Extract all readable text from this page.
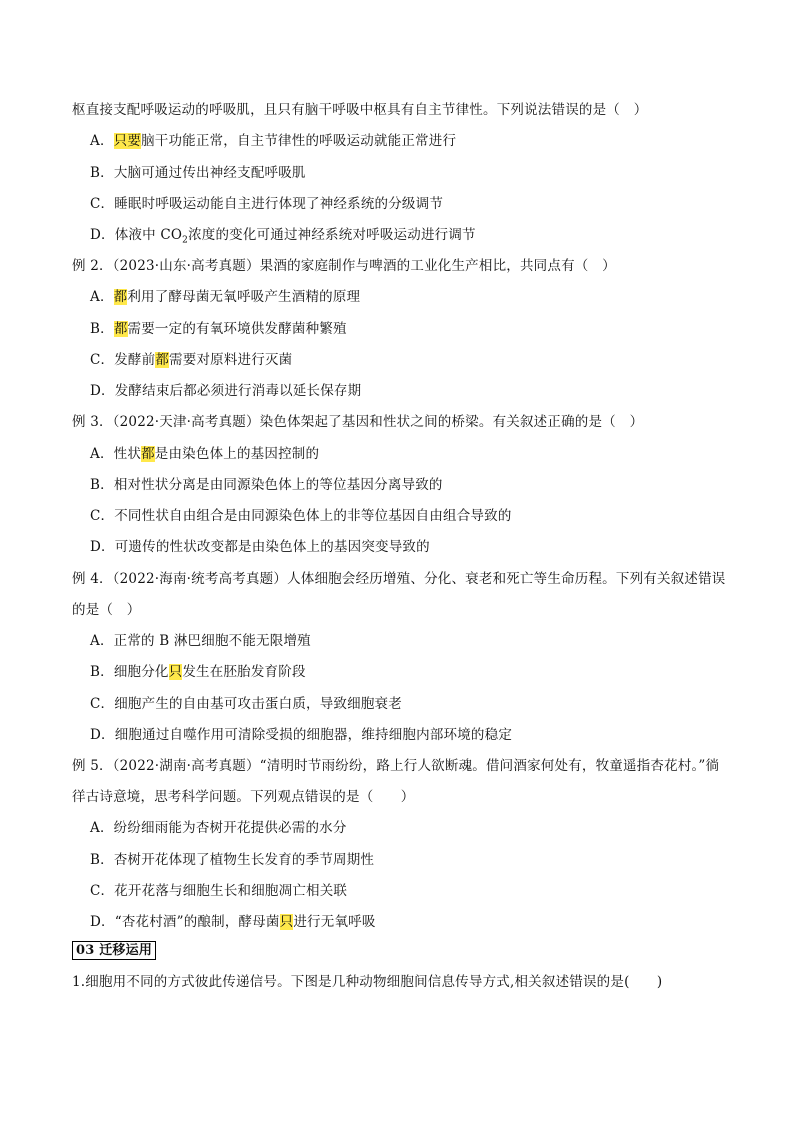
枢直接支配呼吸运动的呼吸肌，且只有脑干呼吸中枢具有自主节律性。下列说法错误的是（　）
A．只要脑干功能正常，自主节律性的呼吸运动就能正常进行
B．大脑可通过传出神经支配呼吸肌
C．睡眠时呼吸运动能自主进行体现了神经系统的分级调节
D．体液中 $CO_2$浓度的变化可通过神经系统对呼吸运动进行调节
例 2．（2023·山东·高考真题）果酒的家庭制作与啤酒的工业化生产相比，共同点有（　）
A．都利用了酵母菌无氧呼吸产生酒精的原理
B．都需要一定的有氧环境供发酵菌种繁殖
C．发酵前都需要对原料进行灭菌
D．发酵结束后都必须进行消毒以延长保存期
例 3．（2022·天津·高考真题）染色体架起了基因和性状之间的桥梁。有关叙述正确的是（　）
A．性状都是由染色体上的基因控制的
B．相对性状分离是由同源染色体上的等位基因分离导致的
C．不同性状自由组合是由同源染色体上的非等位基因自由组合导致的
D．可遗传的性状改变都是由染色体上的基因突变导致的
例 4．（2022·海南·统考高考真题）人体细胞会经历增殖、分化、衰老和死亡等生命历程。下列有关叙述错误
的是（　）
A．正常的 B 淋巴细胞不能无限增殖
B．细胞分化只发生在胚胎发育阶段
C．细胞产生的自由基可攻击蛋白质，导致细胞衰老
D．细胞通过自噬作用可清除受损的细胞器，维持细胞内部环境的稳定
例 5．（2022·湖南·高考真题）“清明时节雨纷纷，路上行人欲断魂。借问酒家何处有，牧童遥指杏花村。”徜
徉古诗意境，思考科学问题。下列观点错误的是（　　）
A．纷纷细雨能为杏树开花提供必需的水分
B．杏树开花体现了植物生长发育的季节周期性
C．花开花落与细胞生长和细胞凋亡相关联
D．“杏花村酒”的酿制，酵母菌只进行无氧呼吸
03 迁移运用
1.细胞用不同的方式彼此传递信号。下图是几种动物细胞间信息传导方式,相关叙述错误的是(　　)
